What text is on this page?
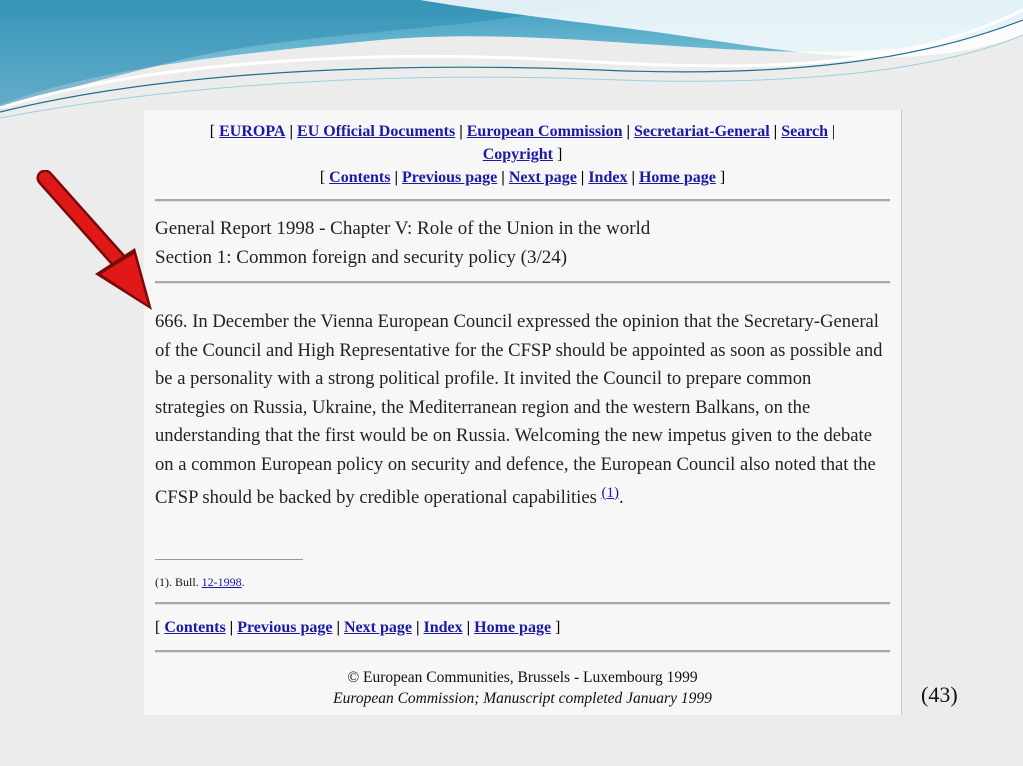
[ EUROPA | EU Official Documents | European Commission | Secretariat-General | Search |
Copyright ]
[ Contents | Previous page | Next page | Index | Home page ]
General Report 1998 - Chapter V: Role of the Union in the world
Section 1: Common foreign and security policy (3/24)
666. In December the Vienna European Council expressed the opinion that the Secretary-General of the Council and High Representative for the CFSP should be appointed as soon as possible and be a personality with a strong political profile. It invited the Council to prepare common strategies on Russia, Ukraine, the Mediterranean region and the western Balkans, on the understanding that the first would be on Russia. Welcoming the new impetus given to the debate on a common European policy on security and defence, the European Council also noted that the CFSP should be backed by credible operational capabilities $^{(1)}$.
(1). Bull. 12-1998.
[ Contents | Previous page | Next page | Index | Home page ]
© European Communities, Brussels - Luxembourg 1999
European Commission; Manuscript completed January 1999	(43)
